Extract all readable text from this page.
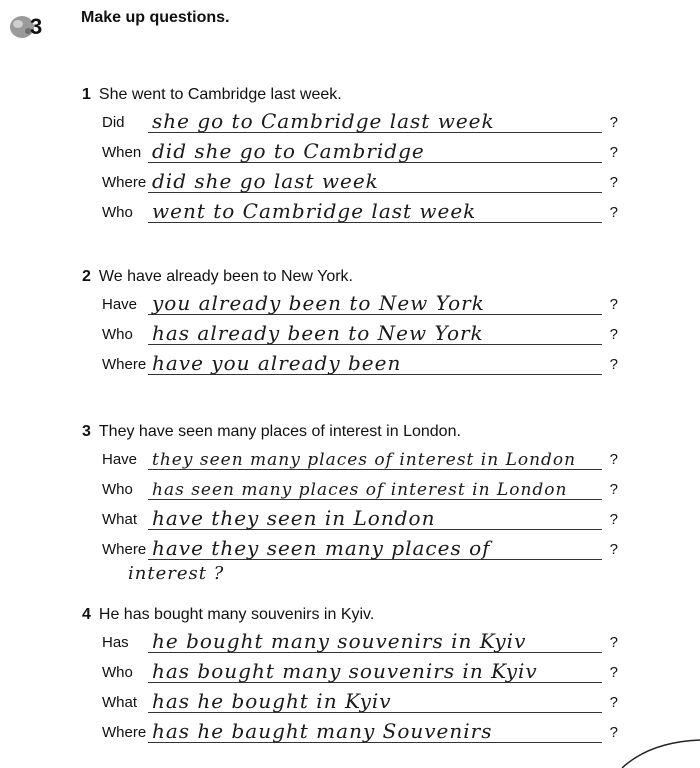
3 Make up questions.
1 She went to Cambridge last week.
Did she go to Cambridge last week	?
When did she go to Cambridge	?
Where did she go last week	?
Who went to Cambridge last week	?
2 We have already been to New York.
Have you already been to New York	?
Who has already been to New York	?
Where have you already been	?
3 They have seen many places of interest in London.
Have they seen many places of interest in London ?
Who has seen many places of interest in London	?
What have they seen in London	?
Where have they seen many places of	?
interest ?
4 He has bought many souvenirs in Kyiv.
Has he bought many souvenirs in Kyiv	?
Who has bought many souvenirs in Kyiv	?
What has he bought in Kyiv	?
Where has he baught many Souvenirs	?
